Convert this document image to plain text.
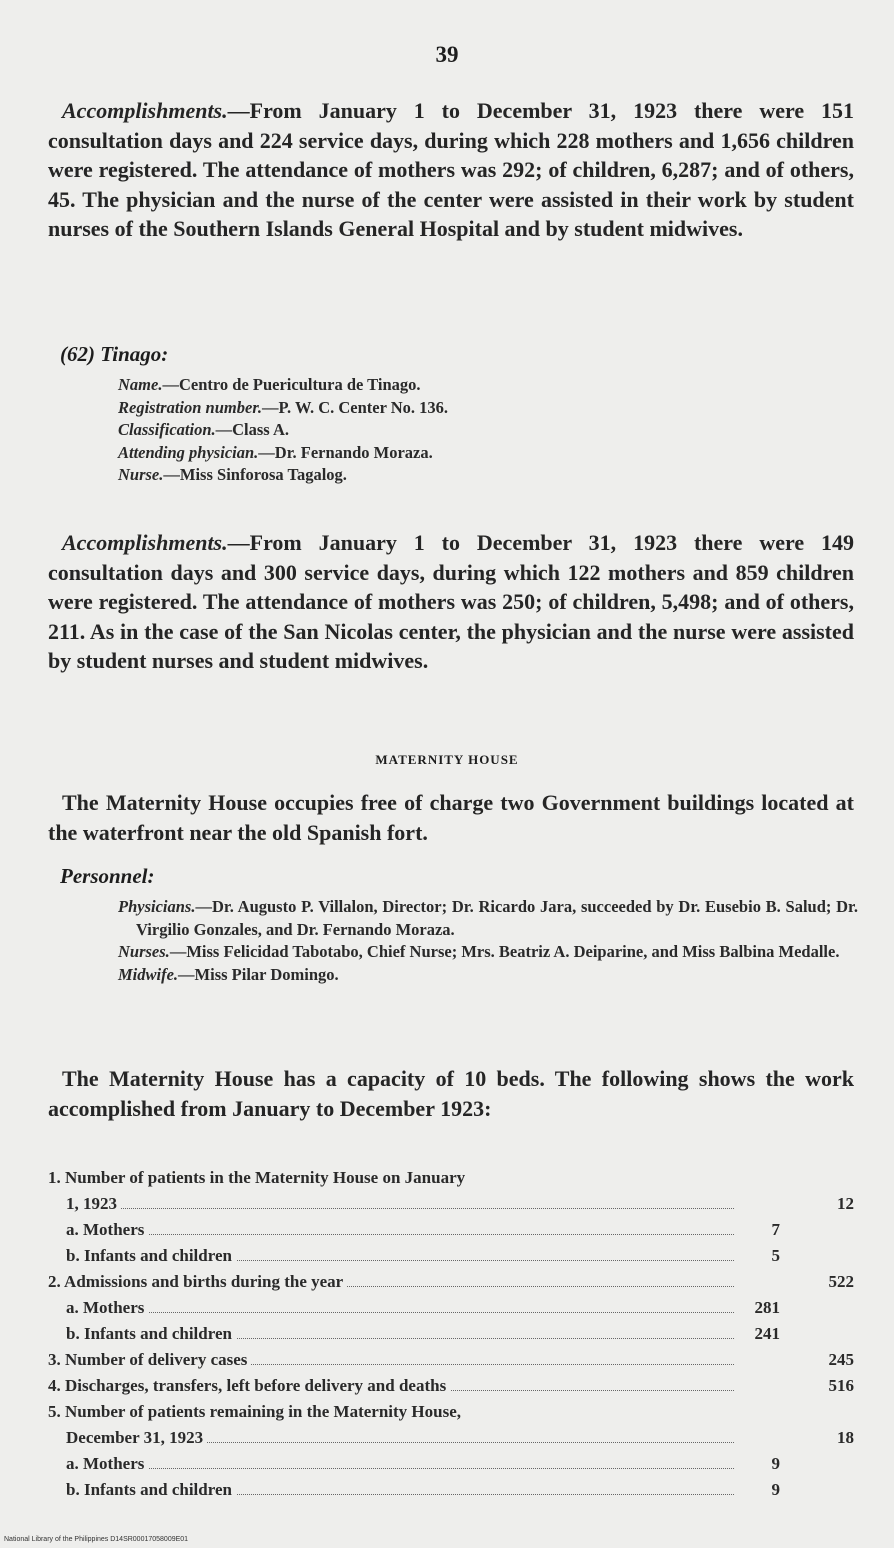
39

Accomplishments.—From January 1 to December 31, 1923 there were 151 consultation days and 224 service days, during which 228 mothers and 1,656 children were registered. The attendance of mothers was 292; of children, 6,287; and of others, 45. The physician and the nurse of the center were assisted in their work by student nurses of the Southern Islands General Hospital and by student midwives.

(62) Tinago:
Name.—Centro de Puericultura de Tinago.
Registration number.—P. W. C. Center No. 136.
Classification.—Class A.
Attending physician.—Dr. Fernando Moraza.
Nurse.—Miss Sinforosa Tagalog.

Accomplishments.—From January 1 to December 31, 1923 there were 149 consultation days and 300 service days, during which 122 mothers and 859 children were registered. The attendance of mothers was 250; of children, 5,498; and of others, 211. As in the case of the San Nicolas center, the physician and the nurse were assisted by student nurses and student midwives.

MATERNITY HOUSE

The Maternity House occupies free of charge two Government buildings located at the waterfront near the old Spanish fort.

Personnel:
Physicians.—Dr. Augusto P. Villalon, Director; Dr. Ricardo Jara, succeeded by Dr. Eusebio B. Salud; Dr. Virgilio Gonzales, and Dr. Fernando Moraza.
Nurses.—Miss Felicidad Tabotabo, Chief Nurse; Mrs. Beatriz A. Deiparine, and Miss Balbina Medalle.
Midwife.—Miss Pilar Domingo.

The Maternity House has a capacity of 10 beds. The following shows the work accomplished from January to December 1923:

1. Number of patients in the Maternity House on January
1, 1923	12
a. Mothers	7
b. Infants and children	5
2. Admissions and births during the year	522
a. Mothers	281
b. Infants and children	241
3. Number of delivery cases	245
4. Discharges, transfers, left before delivery and deaths	516
5. Number of patients remaining in the Maternity House,
December 31, 1923	18
a. Mothers	9
b. Infants and children	9
National Library of the Philippines D14SR00017058009E01
